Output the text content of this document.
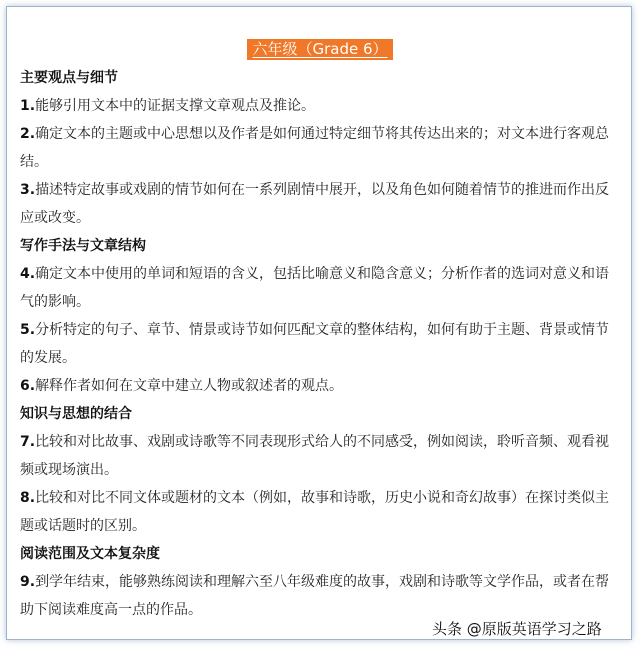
六年级（Grade 6）
主要观点与细节
1.能够引用文本中的证据支撑文章观点及推论。
2.确定文本的主题或中心思想以及作者是如何通过特定细节将其传达出来的；对文本进行客观总结。
3.描述特定故事或戏剧的情节如何在一系列剧情中展开，以及角色如何随着情节的推进而作出反应或改变。
写作手法与文章结构
4.确定文本中使用的单词和短语的含义，包括比喻意义和隐含意义；分析作者的选词对意义和语气的影响。
5.分析特定的句子、章节、情景或诗节如何匹配文章的整体结构，如何有助于主题、背景或情节的发展。
6.解释作者如何在文章中建立人物或叙述者的观点。
知识与思想的结合
7.比较和对比故事、戏剧或诗歌等不同表现形式给人的不同感受，例如阅读，聆听音频、观看视频或现场演出。
8.比较和对比不同文体或题材的文本（例如，故事和诗歌，历史小说和奇幻故事）在探讨类似主题或话题时的区别。
阅读范围及文本复杂度
9.到学年结束，能够熟练阅读和理解六至八年级难度的故事，戏剧和诗歌等文学作品，或者在帮助下阅读难度高一点的作品。
头条 @原版英语学习之路
